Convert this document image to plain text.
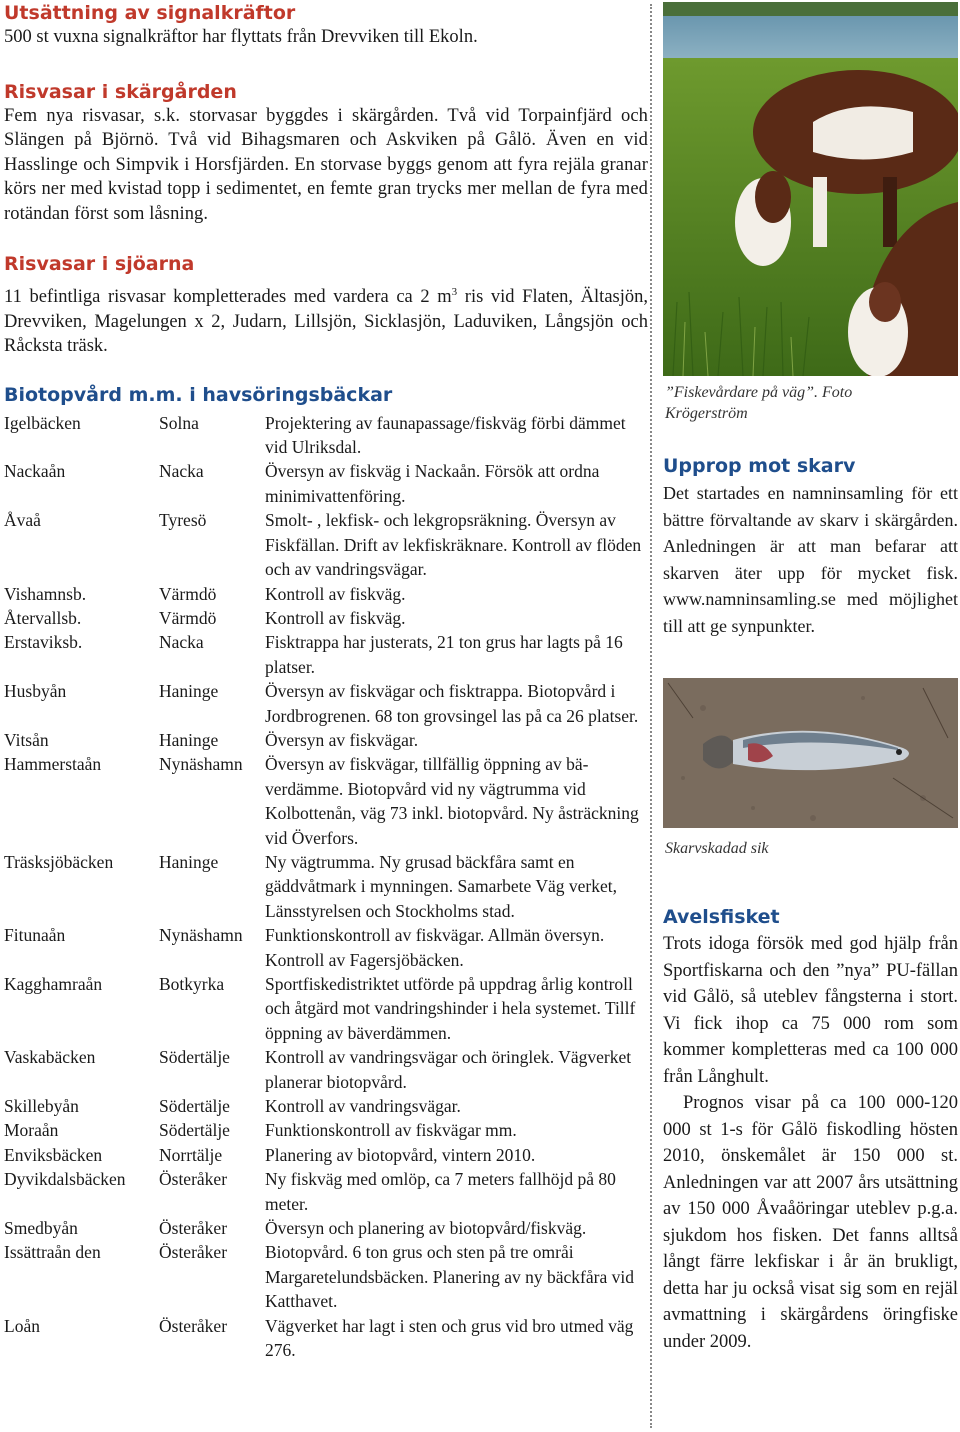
Utsättning av signalkräftor

500 st vuxna signalkräftor har flyttats från Drevviken till Ekoln.

Risvasar i skärgården

Fem nya risvasar, s.k. storvasar byggdes i skärgården. Två vid Torpainfjärd och Slängen på Björnö. Två vid Bihagsmaren och Askviken på Gålö. Även en vid Hasslinge och Simpvik i Horsfjärden. En storvase byggs genom att fyra rejäla granar körs ner med kvistad topp i sedimentet, en femte gran trycks mer mellan de fyra med rotändan först som låsning.

Risvasar i sjöarna

11 befintliga risvasar kompletterades med vardera ca 2 $m^3$ ris vid Flaten, Ältasjön, Drevviken, Magelungen x 2, Judarn, Lillsjön, Sicklasjön, Laduviken, Långsjön och Råcksta träsk.

Biotopvård m.m. i havsöringsbäckar
Igelbäcken	Solna	Projektering av faunapassage/fiskväg förbi dämmet vid Ulriksdal.
Nackaån	Nacka	Översyn av fiskväg i Nackaån. Försök att ordna minimivattenföring.
Åvaå	Tyresö	Smolt- , lekfisk- och lekgropsräkning. Översyn av Fiskfällan. Drift av lekfiskräknare. Kontroll av flöden och av vandringsvägar.
Vishamnsb.	Värmdö	Kontroll av fiskväg.
Återvallsb.	Värmdö	Kontroll av fiskväg.
Erstaviksb.	Nacka	Fisktrappa har justerats, 21 ton grus har lagts på 16 platser.
Husbyån	Haninge	Översyn av fiskvägar och fisktrappa. Biotopvård i Jordbrogrenen. 68 ton grovsingel las på ca 26 platser.
Vitsån	Haninge	Översyn av fiskvägar.
Hammerstaån	Nynäshamn	Översyn av fiskvägar, tillfällig öppning av bäverdämme. Biotopvård vid ny vägtrumma vid Kolbottenån, väg 73 inkl. biotopvård. Ny åsträckning vid Överfors.
Träsksjöbäcken	Haninge	Ny vägtrumma. Ny grusad bäckfåra samt en gäddvåtmark i mynningen. Samarbete Väg verket, Länsstyrelsen och Stockholms stad.
Fitunaån	Nynäshamn	Funktionskontroll av fiskvägar. Allmän översyn. Kontroll av Fagersjöbäcken.
Kagghamraån	Botkyrka	Sportfiskedistriktet utförde på uppdrag årlig kontroll och åtgärd mot vandringshinder i hela systemet. Tillf öppning av bäverdämmen.
Vaskabäcken	Södertälje	Kontroll av vandringsvägar och öringlek. Vägverket planerar biotopvård.
Skillebyån	Södertälje	Kontroll av vandringsvägar.
Moraån	Södertälje	Funktionskontroll av fiskvägar mm.
Enviksbäcken	Norrtälje	Planering av biotopvård, vintern 2010.
Dyvikdalsbäcken	Österåker	Ny fiskväg med omlöp, ca 7 meters fallhöjd på 80 meter.
Smedbyån	Österåker	Översyn och planering av biotopvård/fiskväg.
Issättraån den	Österåker	Biotopvård. 6 ton grus och sten på tre områi Margaretelundsbäcken. Planering av ny bäckfåra vid Katthavet.
Loån	Österåker	Vägverket har lagt i sten och grus vid bro utmed väg 276.
”Fiskevårdare på väg”. Foto Krögerström
Upprop mot skarv

Det startades en namninsamling för ett bättre förvaltande av skarv i skärgården. Anledningen är att man befarar att skarven äter upp för mycket fisk. www.namninsamling.se med möjlighet till att ge synpunkter.

Skarvskadad sik
Avelsfisket

Trots idoga försök med god hjälp från Sportfiskarna och den ”nya” PU-fällan vid Gålö, så uteblev fångsterna i stort. Vi fick ihop ca 75 000 rom som kommer kompletteras med ca 100 000 från Långhult.

Prognos visar på ca 100 000-120 000 st 1-s för Gålö fiskodling hösten 2010, önskemålet är 150 000 st. Anledningen var att 2007 års utsättning av 150 000 Åvaåöringar uteblev p.g.a. sjukdom hos fisken. Det fanns alltså långt färre lekfiskar i år än brukligt, detta har ju också visat sig som en rejäl avmattning i skärgårdens öringfiske under 2009.
